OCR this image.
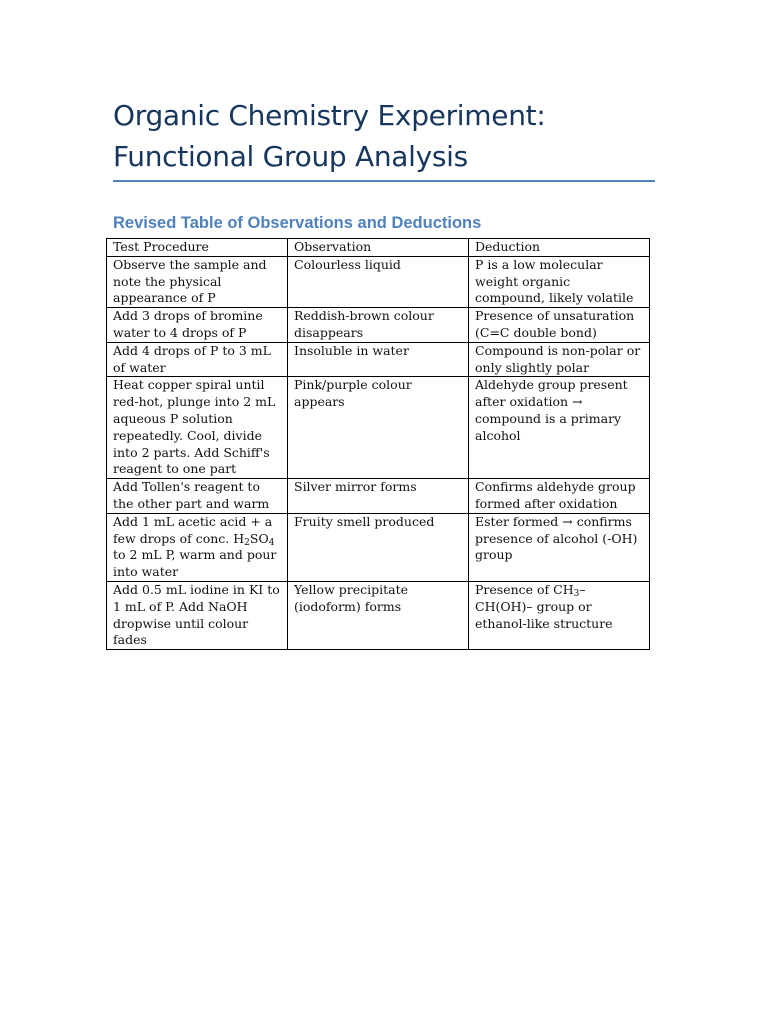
Organic Chemistry Experiment:
Functional Group Analysis
Revised Table of Observations and Deductions
Test Procedure	Observation	Deduction
Observe the sample and note the physical appearance of P	Colourless liquid	P is a low molecular weight organic compound, likely volatile
Add 3 drops of bromine water to 4 drops of P	Reddish-brown colour disappears	Presence of unsaturation (C=C double bond)
Add 4 drops of P to 3 mL of water	Insoluble in water	Compound is non-polar or only slightly polar
Heat copper spiral until red-hot, plunge into 2 mL aqueous P solution repeatedly. Cool, divide into 2 parts. Add Schiff's reagent to one part	Pink/purple colour appears	Aldehyde group present after oxidation → compound is a primary alcohol
Add Tollen's reagent to the other part and warm	Silver mirror forms	Confirms aldehyde group formed after oxidation
Add 1 mL acetic acid + a few drops of conc. $H_2SO_4$ to 2 mL P, warm and pour into water	Fruity smell produced	Ester formed → confirms presence of alcohol (-OH) group
Add 0.5 mL iodine in KI to 1 mL of P. Add NaOH dropwise until colour fades	Yellow precipitate (iodoform) forms	Presence of $CH_3-CH(OH)-$ group or ethanol-like structure
